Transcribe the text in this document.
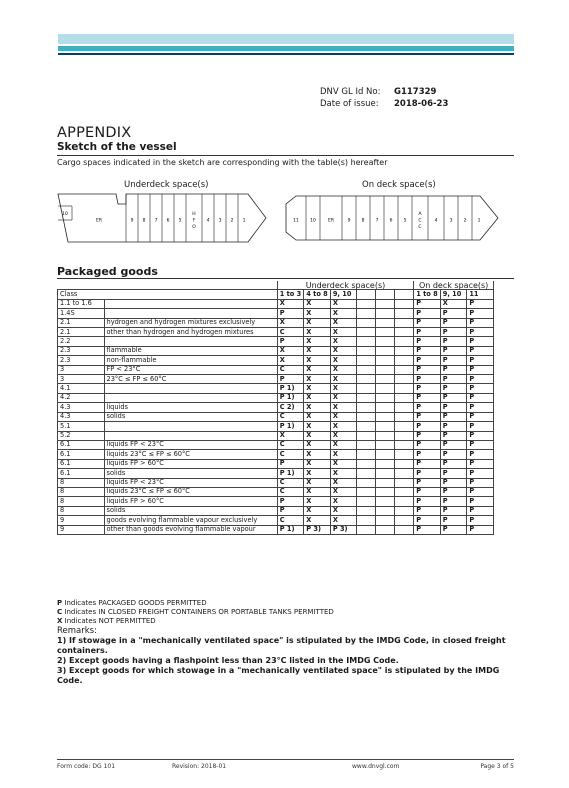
DNV GL Id No:	G117329
Date of issue:	2018-06-23
APPENDIX
Sketch of the vessel
Cargo spaces indicated in the sketch are corresponding with the table(s) hereafter
Underdeck space(s)	On deck space(s)
10
ER	9 8 7 6 5
H
F
O
4 3 2 1	11	10	ER	9 8 7 6 5
A
C
C
4	3 2 1
Packaged goods
		Underdeck space(s)						On deck space(s)		
Class		1 to 3	4 to 8	9, 10				1 to 8	9, 10	11
1.1 to 1.6		X	X	X				P	X	P
1.4S		P	X	X				P	P	P
2.1	hydrogen and hydrogen mixtures exclusively	X	X	X				P	P	P
2.1	other than hydrogen and hydrogen mixtures	C	X	X				P	P	P
2.2		P	X	X				P	P	P
2.3	flammable	X	X	X				P	P	P
2.3	non-flammable	X	X	X				P	P	P
3	FP < 23°C	C	X	X				P	P	P
3	23°C ≤ FP ≤ 60°C	P	X	X				P	P	P
4.1		P 1)	X	X				P	P	P
4.2		P 1)	X	X				P	P	P
4.3	liquids	C 2)	X	X				P	P	P
4.3	solids	C	X	X				P	P	P
5.1		P 1)	X	X				P	P	P
5.2		X	X	X				P	P	P
6.1	liquids FP < 23°C	C	X	X				P	P	P
6.1	liquids 23°C ≤ FP ≤ 60°C	C	X	X				P	P	P
6.1	liquids FP > 60°C	P	X	X				P	P	P
6.1	solids	P 1)	X	X				P	P	P
8	liquids FP < 23°C	C	X	X				P	P	P
8	liquids 23°C ≤ FP ≤ 60°C	C	X	X				P	P	P
8	liquids FP > 60°C	P	X	X				P	P	P
8	solids	P	X	X				P	P	P
9	goods evolving flammable vapour exclusively	C	X	X				P	P	P
9	other than goods evolving flammable vapour	P 1)	P 3)	P 3)				P	P	P
P Indicates PACKAGED GOODS PERMITTED
C Indicates IN CLOSED FREIGHT CONTAINERS OR PORTABLE TANKS PERMITTED
X Indicates NOT PERMITTED
Remarks:

1) If stowage in a "mechanically ventilated space" is stipulated by the IMDG Code, in closed freight containers.

2) Except goods having a flashpoint less than 23°C listed in the IMDG Code.

3) Except goods for which stowage in a "mechanically ventilated space" is stipulated by the IMDG Code.

Form code: DG 101	Revision: 2018-01	www.dnvgl.com	Page 3 of 5
